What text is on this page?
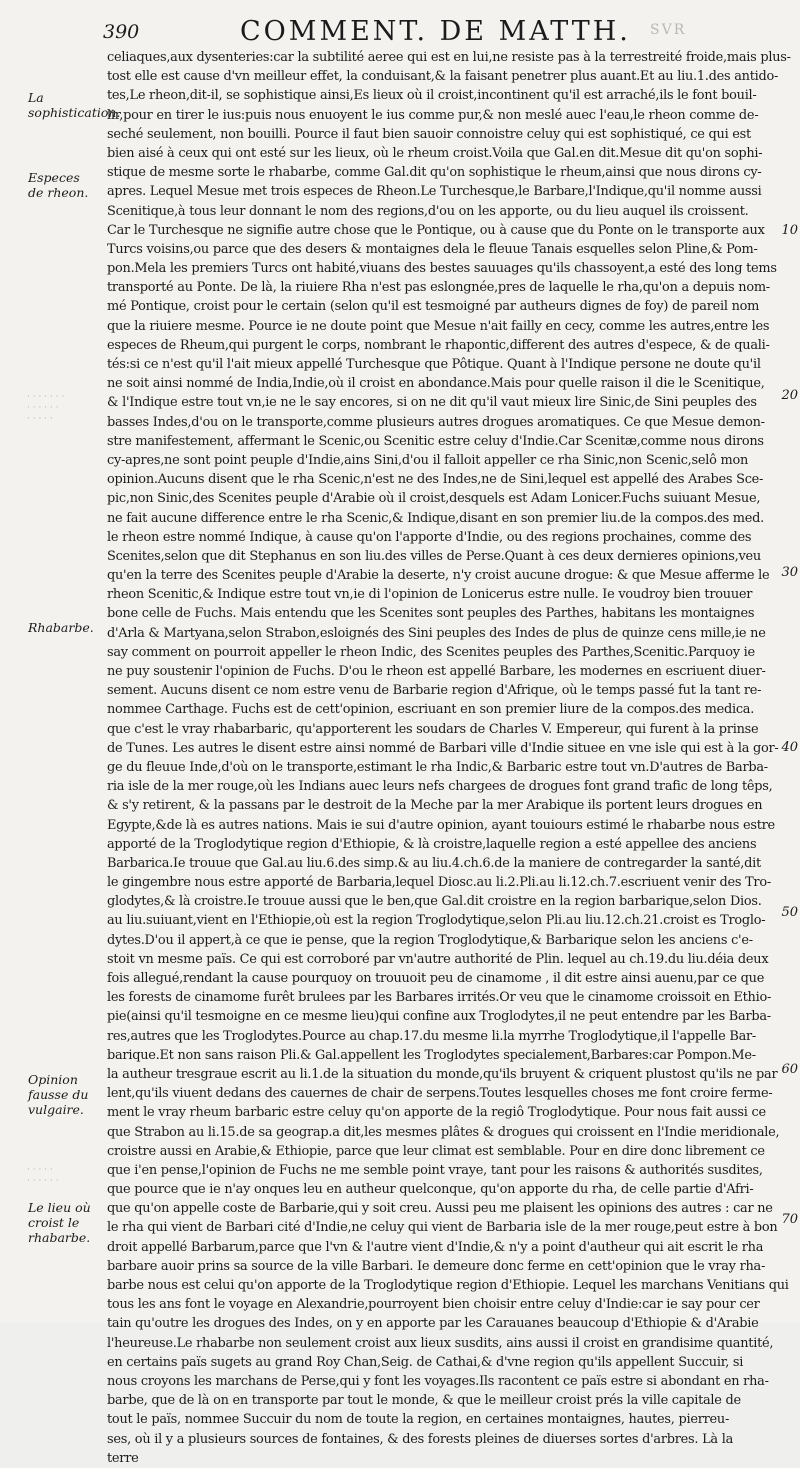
390	COMMENT. DE MATTH. SVR
La sophistication.
Especes de rheon.
Rhabarbe.
Opinion fausse du vulgaire.
Le lieu où croist le rhabarbe.
· · · · · · ·
· · · · · ·
· · · · ·
· · · · ·
· · · · · ·
10
20
30
40
50
60
70
celiaques,aux dysenteries:car la subtilité aeree qui est en lui,ne resiste pas à la terrestreité froide,mais plus-
tost elle est cause d'vn meilleur effet, la conduisant,& la faisant penetrer plus auant.Et au liu.1.des antido-
tes,Le rheon,dit-il, se sophistique ainsi,Es lieux où il croist,incontinent qu'il est arraché,ils le font bouil-
lir,pour en tirer le ius:puis nous enuoyent le ius comme pur,& non meslé auec l'eau,le rheon comme de-
seché seulement, non bouilli. Pource il faut bien sauoir connoistre celuy qui est sophistiqué, ce qui est
bien aisé à ceux qui ont esté sur les lieux, où le rheum croist.Voila que Gal.en dit.Mesue dit qu'on sophi-
stique de mesme sorte le rhabarbe, comme Gal.dit qu'on sophistique le rheum,ainsi que nous dirons cy-
apres. Lequel Mesue met trois especes de Rheon.Le Turchesque,le Barbare,l'Indique,qu'il nomme aussi
Scenitique,à tous leur donnant le nom des regions,d'ou on les apporte, ou du lieu auquel ils croissent.
Car le Turchesque ne signifie autre chose que le Pontique, ou à cause que du Ponte on le transporte aux
Turcs voisins,ou parce que des desers & montaignes dela le fleuue Tanais esquelles selon Pline,& Pom-
pon.Mela les premiers Turcs ont habité,viuans des bestes sauuages qu'ils chassoyent,a esté des long tems
transporté au Ponte. De là, la riuiere Rha n'est pas eslongnée,pres de laquelle le rha,qu'on a depuis nom-
mé Pontique, croist pour le certain (selon qu'il est tesmoigné par autheurs dignes de foy) de pareil nom
que la riuiere mesme. Pource ie ne doute point que Mesue n'ait failly en cecy, comme les autres,entre les
especes de Rheum,qui purgent le corps, nombrant le rhapontic,different des autres d'espece, & de quali-
tés:si ce n'est qu'il l'ait mieux appellé Turchesque que Pôtique. Quant à l'Indique persone ne doute qu'il
ne soit ainsi nommé de India,Indie,où il croist en abondance.Mais pour quelle raison il die le Scenitique,
& l'Indique estre tout vn,ie ne le say encores, si on ne dit qu'il vaut mieux lire Sinic,de Sini peuples des
basses Indes,d'ou on le transporte,comme plusieurs autres drogues aromatiques. Ce que Mesue demon-
stre manifestement, affermant le Scenic,ou Scenitic estre celuy d'Indie.Car Scenitæ,comme nous dirons
cy-apres,ne sont point peuple d'Indie,ains Sini,d'ou il falloit appeller ce rha Sinic,non Scenic,selô mon
opinion.Aucuns disent que le rha Scenic,n'est ne des Indes,ne de Sini,lequel est appellé des Arabes Sce-
pic,non Sinic,des Scenites peuple d'Arabie où il croist,desquels est Adam Lonicer.Fuchs suiuant Mesue,
ne fait aucune difference entre le rha Scenic,& Indique,disant en son premier liu.de la compos.des med.
le rheon estre nommé Indique, à cause qu'on l'apporte d'Indie, ou des regions prochaines, comme des
Scenites,selon que dit Stephanus en son liu.des villes de Perse.Quant à ces deux dernieres opinions,veu
qu'en la terre des Scenites peuple d'Arabie la deserte, n'y croist aucune drogue: & que Mesue afferme le
rheon Scenitic,& Indique estre tout vn,ie di l'opinion de Lonicerus estre nulle. Ie voudroy bien trouuer
bone celle de Fuchs. Mais entendu que les Scenites sont peuples des Parthes, habitans les montaignes
d'Arla & Martyana,selon Strabon,esloignés des Sini peuples des Indes de plus de quinze cens mille,ie ne
say comment on pourroit appeller le rheon Indic, des Scenites peuples des Parthes,Scenitic.Parquoy ie
ne puy soustenir l'opinion de Fuchs. D'ou le rheon est appellé Barbare, les modernes en escriuent diuer-
sement. Aucuns disent ce nom estre venu de Barbarie region d'Afrique, où le temps passé fut la tant re-
nommee Carthage. Fuchs est de cett'opinion, escriuant en son premier liure de la compos.des medica.
que c'est le vray rhabarbaric, qu'apporterent les soudars de Charles V. Empereur, qui furent à la prinse
de Tunes. Les autres le disent estre ainsi nommé de Barbari ville d'Indie situee en vne isle qui est à la gor-
ge du fleuue Inde,d'où on le transporte,estimant le rha Indic,& Barbaric estre tout vn.D'autres de Barba-
ria isle de la mer rouge,où les Indians auec leurs nefs chargees de drogues font grand trafic de long têps,
& s'y retirent, & la passans par le destroit de la Meche par la mer Arabique ils portent leurs drogues en
Egypte,&de là es autres nations. Mais ie sui d'autre opinion, ayant touiours estimé le rhabarbe nous estre
apporté de la Troglodytique region d'Ethiopie, & là croistre,laquelle region a esté appellee des anciens
Barbarica.Ie trouue que Gal.au liu.6.des simp.& au liu.4.ch.6.de la maniere de contregarder la santé,dit
le gingembre nous estre apporté de Barbaria,lequel Diosc.au li.2.Pli.au li.12.ch.7.escriuent venir des Tro-
glodytes,& là croistre.Ie trouue aussi que le ben,que Gal.dit croistre en la region barbarique,selon Dios.
au liu.suiuant,vient en l'Ethiopie,où est la region Troglodytique,selon Pli.au liu.12.ch.21.croist es Troglo-
dytes.D'ou il appert,à ce que ie pense, que la region Troglodytique,& Barbarique selon les anciens c'e-
stoit vn mesme païs. Ce qui est corroboré par vn'autre authorité de Plin. lequel au ch.19.du liu.déia deux
fois allegué,rendant la cause pourquoy on trouuoit peu de cinamome , il dit estre ainsi auenu,par ce que
les forests de cinamome furêt brulees par les Barbares irrités.Or veu que le cinamome croissoit en Ethio-
pie(ainsi qu'il tesmoigne en ce mesme lieu)qui confine aux Troglodytes,il ne peut entendre par les Barba-
res,autres que les Troglodytes.Pource au chap.17.du mesme li.la myrrhe Troglodytique,il l'appelle Bar-
barique.Et non sans raison Pli.& Gal.appellent les Troglodytes specialement,Barbares:car Pompon.Me-
la autheur tresgraue escrit au li.1.de la situation du monde,qu'ils bruyent & criquent plustost qu'ils ne par
lent,qu'ils viuent dedans des cauernes de chair de serpens.Toutes lesquelles choses me font croire ferme-
ment le vray rheum barbaric estre celuy qu'on apporte de la regiô Troglodytique. Pour nous fait aussi ce
que Strabon au li.15.de sa geograp.a dit,les mesmes plâtes & drogues qui croissent en l'Indie meridionale,
croistre aussi en Arabie,& Ethiopie, parce que leur climat est semblable. Pour en dire donc librement ce
que i'en pense,l'opinion de Fuchs ne me semble point vraye, tant pour les raisons & authorités susdites,
que pource que ie n'ay onques leu en autheur quelconque, qu'on apporte du rha, de celle partie d'Afri-
que qu'on appelle coste de Barbarie,qui y soit creu. Aussi peu me plaisent les opinions des autres : car ne
le rha qui vient de Barbari cité d'Indie,ne celuy qui vient de Barbaria isle de la mer rouge,peut estre à bon
droit appellé Barbarum,parce que l'vn & l'autre vient d'Indie,& n'y a point d'autheur qui ait escrit le rha
barbare auoir prins sa source de la ville Barbari. Ie demeure donc ferme en cett'opinion que le vray rha-
barbe nous est celui qu'on apporte de la Troglodytique region d'Ethiopie. Lequel les marchans Venitians qui
tous les ans font le voyage en Alexandrie,pourroyent bien choisir entre celuy d'Indie:car ie say pour cer
tain qu'outre les drogues des Indes, on y en apporte par les Carauanes beaucoup d'Ethiopie & d'Arabie
l'heureuse.Le rhabarbe non seulement croist aux lieux susdits, ains aussi il croist en grandisime quantité,
en certains païs sugets au grand Roy Chan,Seig. de Cathai,& d'vne region qu'ils appellent Succuir, si
nous croyons les marchans de Perse,qui y font les voyages.Ils racontent ce païs estre si abondant en rha-
barbe, que de là on en transporte par tout le monde, & que le meilleur croist prés la ville capitale de
tout le païs, nommee Succuir du nom de toute la region, en certaines montaignes, hautes, pierreu-
ses, où il y a plusieurs sources de fontaines, & des forests pleines de diuerses sortes d'arbres. Là la
terre
